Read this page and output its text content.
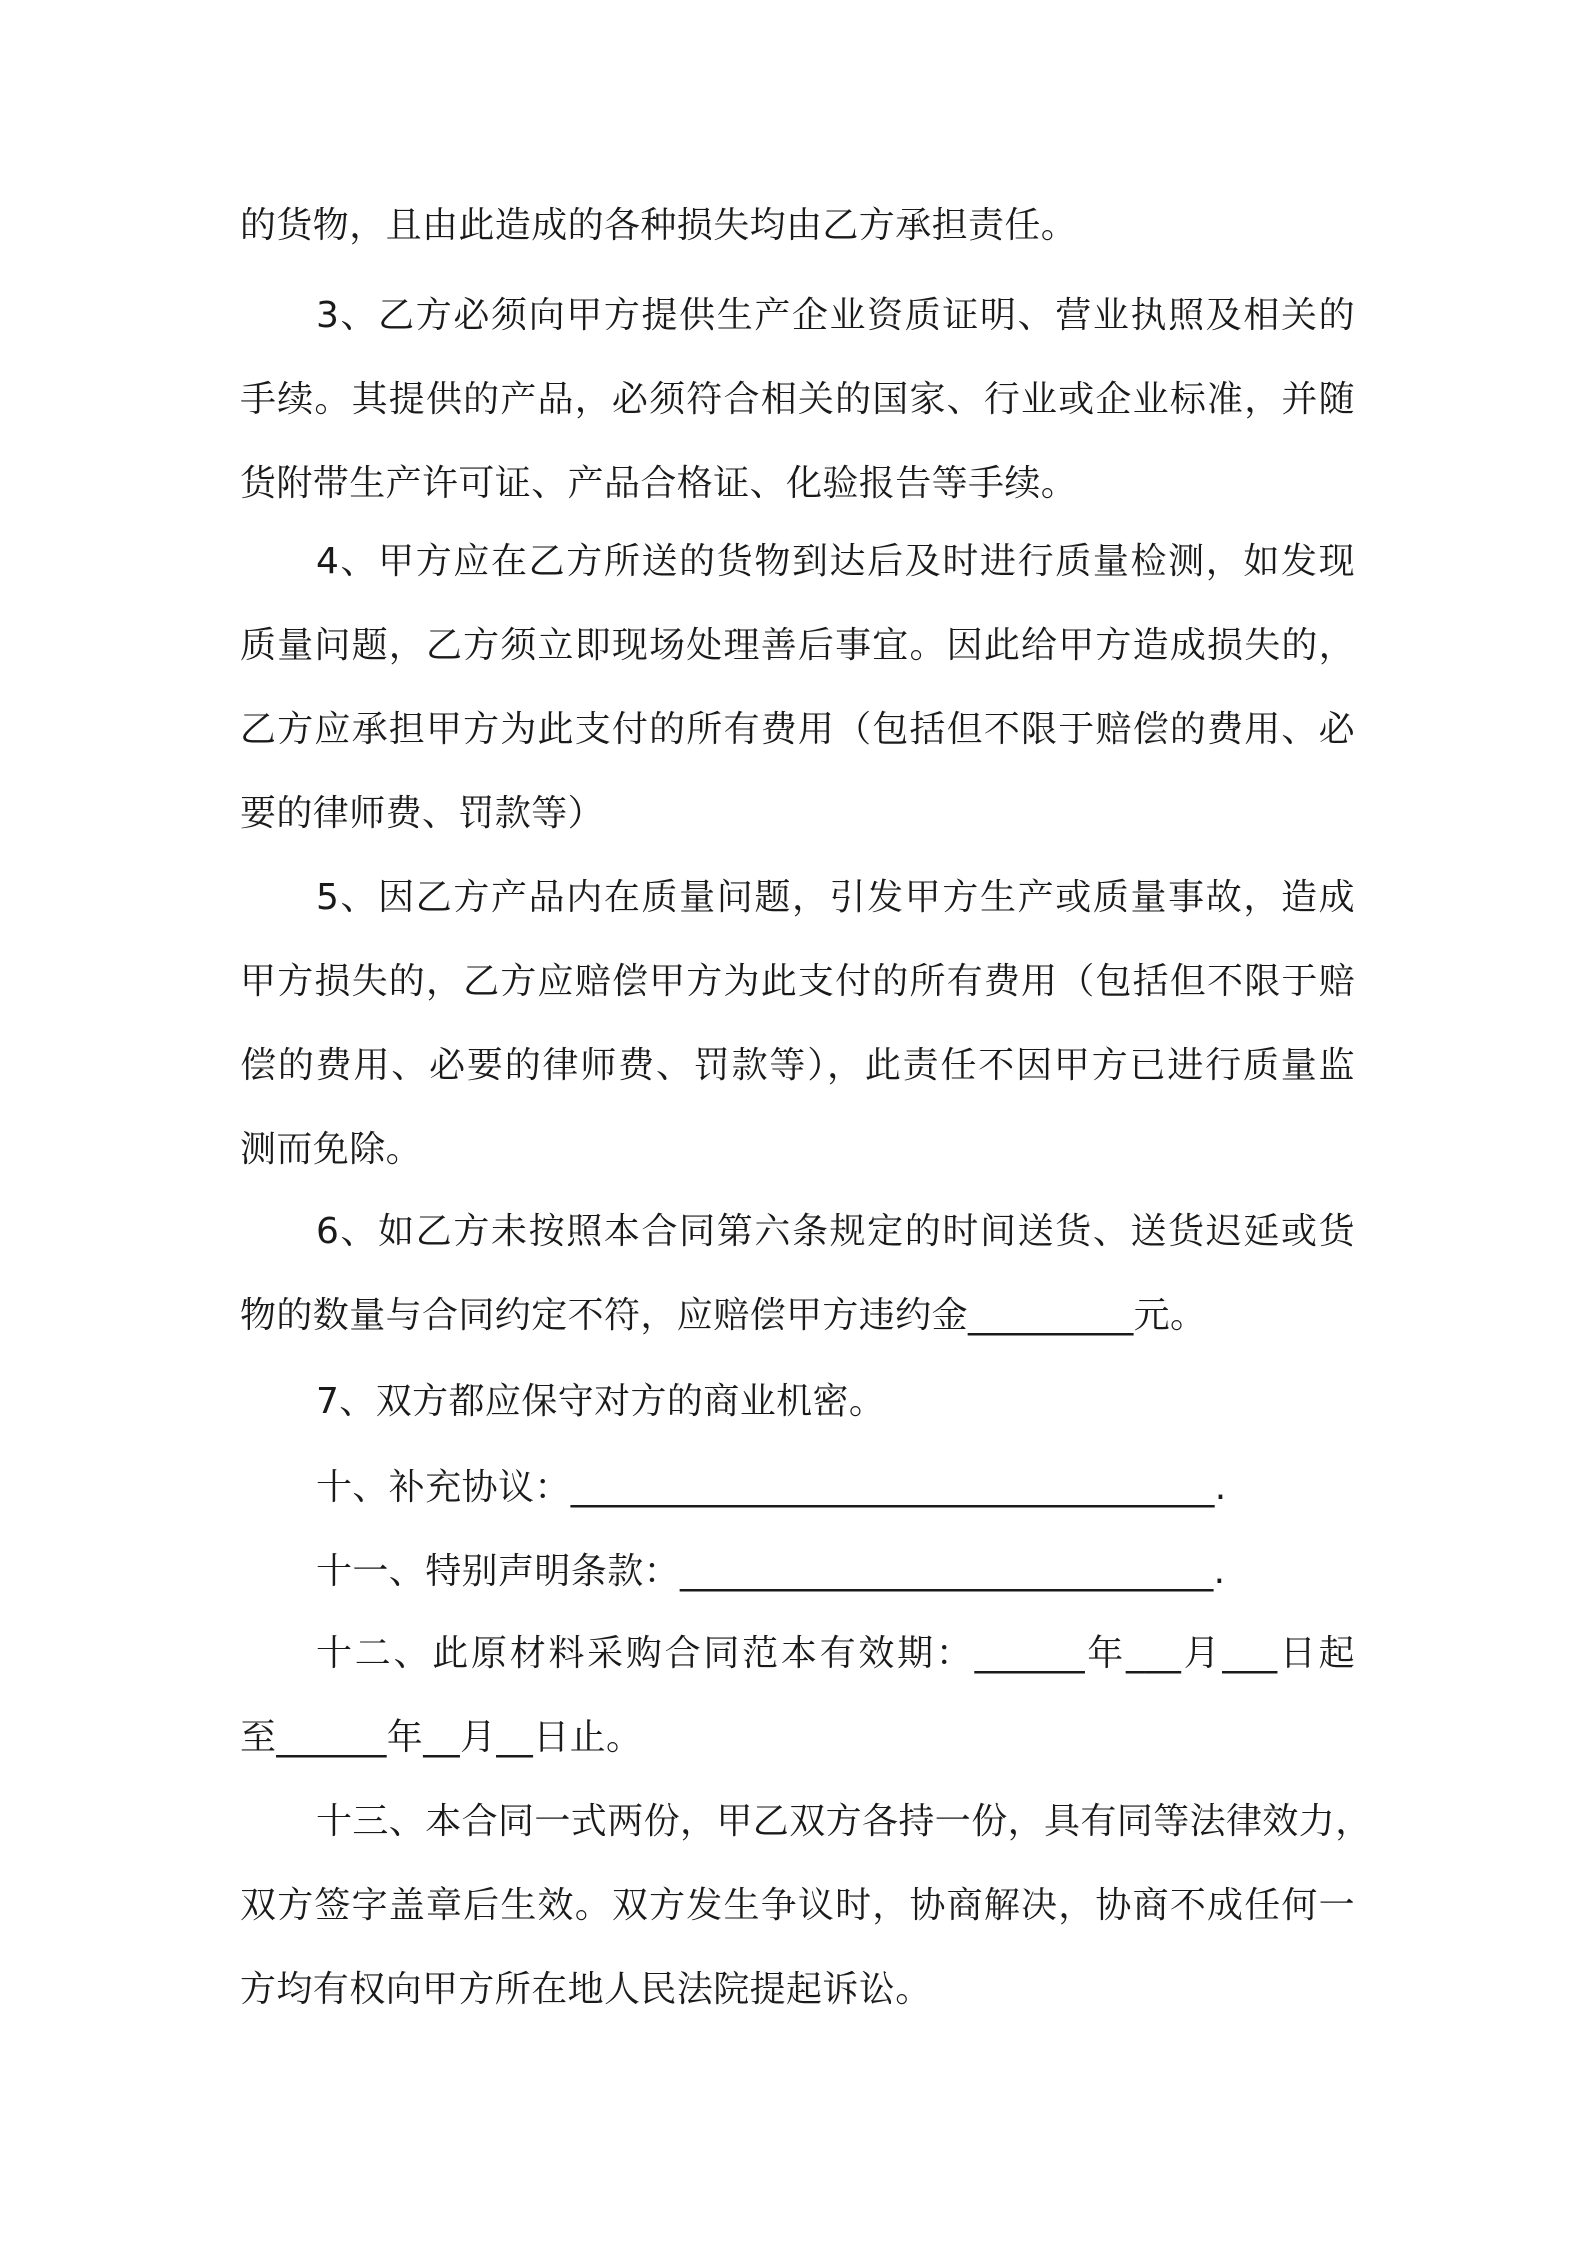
的货物，且由此造成的各种损失均由乙方承担责任。

3、乙方必须向甲方提供生产企业资质证明、营业执照及相关的
手续。其提供的产品，必须符合相关的国家、行业或企业标准，并随
货附带生产许可证、产品合格证、化验报告等手续。

4、甲方应在乙方所送的货物到达后及时进行质量检测，如发现
质量问题，乙方须立即现场处理善后事宜。因此给甲方造成损失的，
乙方应承担甲方为此支付的所有费用（包括但不限于赔偿的费用、必
要的律师费、罚款等）

5、因乙方产品内在质量问题，引发甲方生产或质量事故，造成
甲方损失的，乙方应赔偿甲方为此支付的所有费用（包括但不限于赔
偿的费用、必要的律师费、罚款等），此责任不因甲方已进行质量监
测而免除。

6、如乙方未按照本合同第六条规定的时间送货、送货迟延或货
物的数量与合同约定不符，应赔偿甲方违约金_________元。

7、双方都应保守对方的商业机密。

十、补充协议：___________________________________.

十一、特别声明条款：_____________________________.

十二、此原材料采购合同范本有效期：______年___月___日起
至______年__月__日止。

十三、本合同一式两份，甲乙双方各持一份，具有同等法律效力，
双方签字盖章后生效。双方发生争议时，协商解决，协商不成任何一
方均有权向甲方所在地人民法院提起诉讼。
